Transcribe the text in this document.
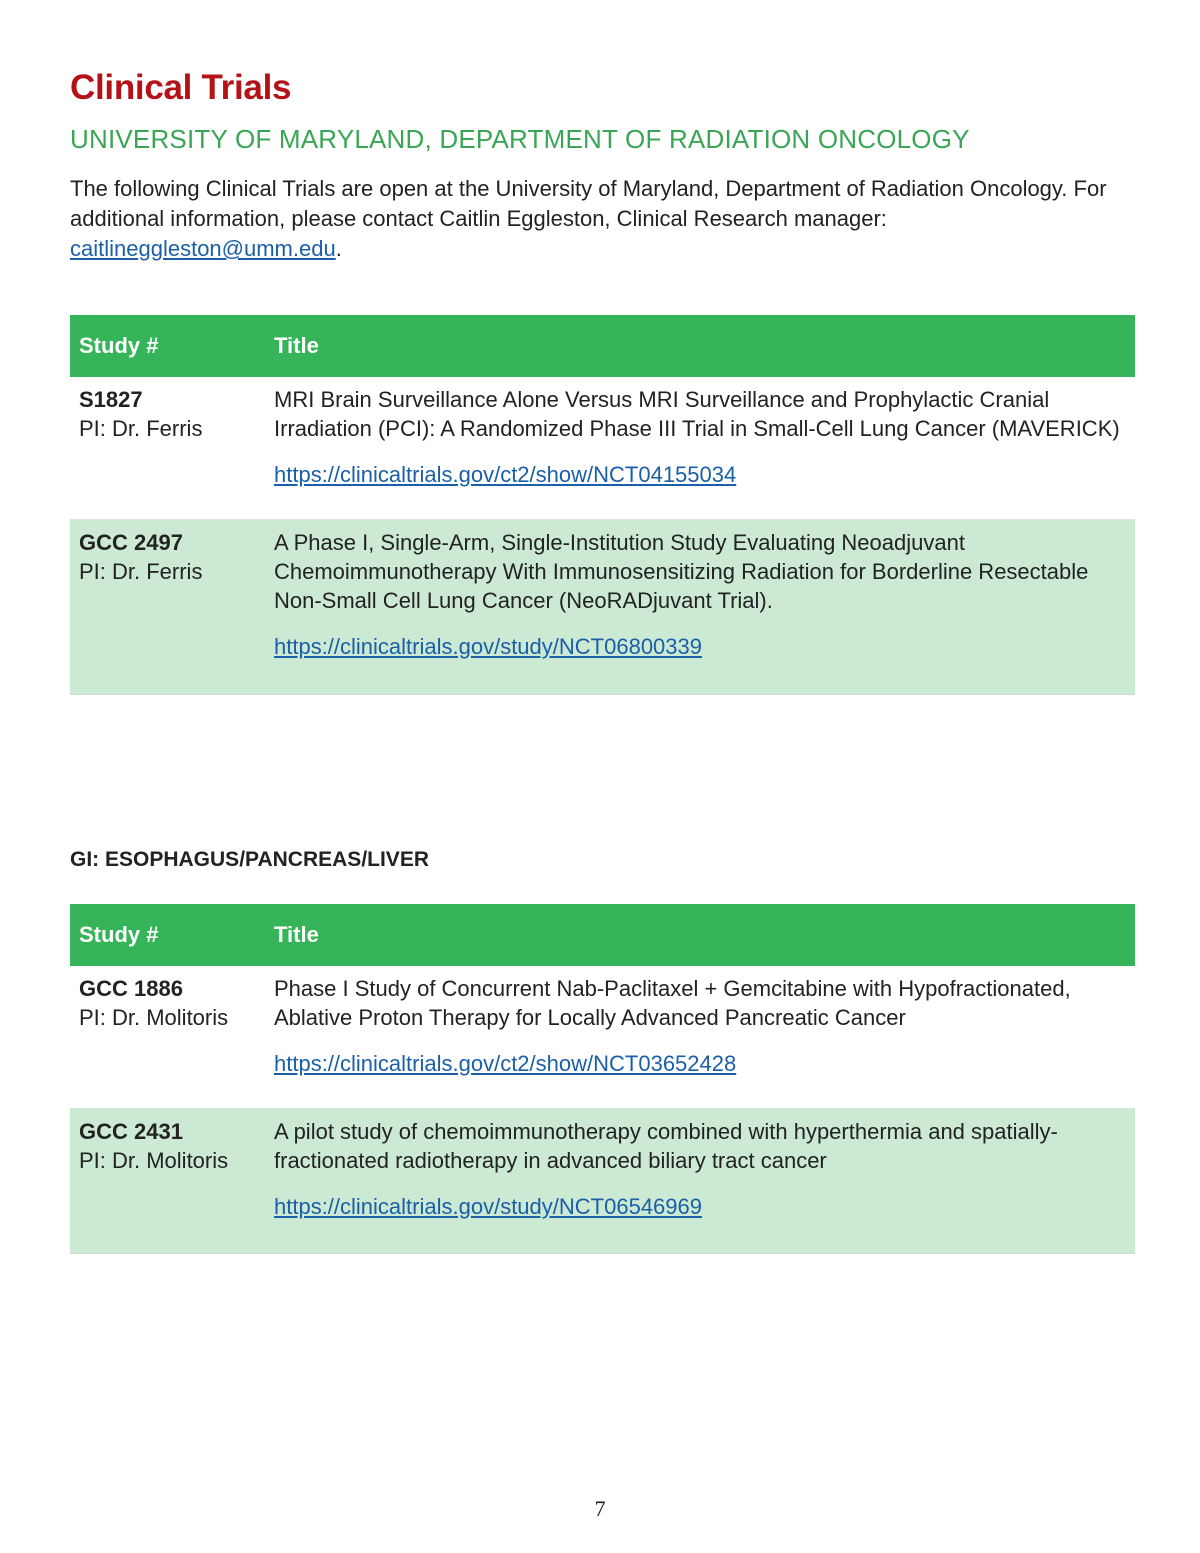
Clinical Trials

UNIVERSITY OF MARYLAND, DEPARTMENT OF RADIATION ONCOLOGY

The following Clinical Trials are open at the University of Maryland, Department of Radiation Oncology. For additional information, please contact Caitlin Eggleston, Clinical Research manager: caitlineggleston@umm.edu.

Study #	Title

S1827
PI: Dr. Ferris	MRI Brain Surveillance Alone Versus MRI Surveillance and Prophylactic Cranial Irradiation (PCI): A Randomized Phase III Trial in Small-Cell Lung Cancer (MAVERICK)
https://clinicaltrials.gov/ct2/show/NCT04155034

GCC 2497
PI: Dr. Ferris	A Phase I, Single-Arm, Single-Institution Study Evaluating Neoadjuvant Chemoimmunotherapy With Immunosensitizing Radiation for Borderline Resectable Non-Small Cell Lung Cancer (NeoRADjuvant Trial).
https://clinicaltrials.gov/study/NCT06800339
GI: ESOPHAGUS/PANCREAS/LIVER
Study #	Title

GCC 1886
PI: Dr. Molitoris	Phase I Study of Concurrent Nab-Paclitaxel + Gemcitabine with Hypofractionated, Ablative Proton Therapy for Locally Advanced Pancreatic Cancer
https://clinicaltrials.gov/ct2/show/NCT03652428

GCC 2431
PI: Dr. Molitoris	A pilot study of chemoimmunotherapy combined with hyperthermia and spatially-fractionated radiotherapy in advanced biliary tract cancer
https://clinicaltrials.gov/study/NCT06546969
7
